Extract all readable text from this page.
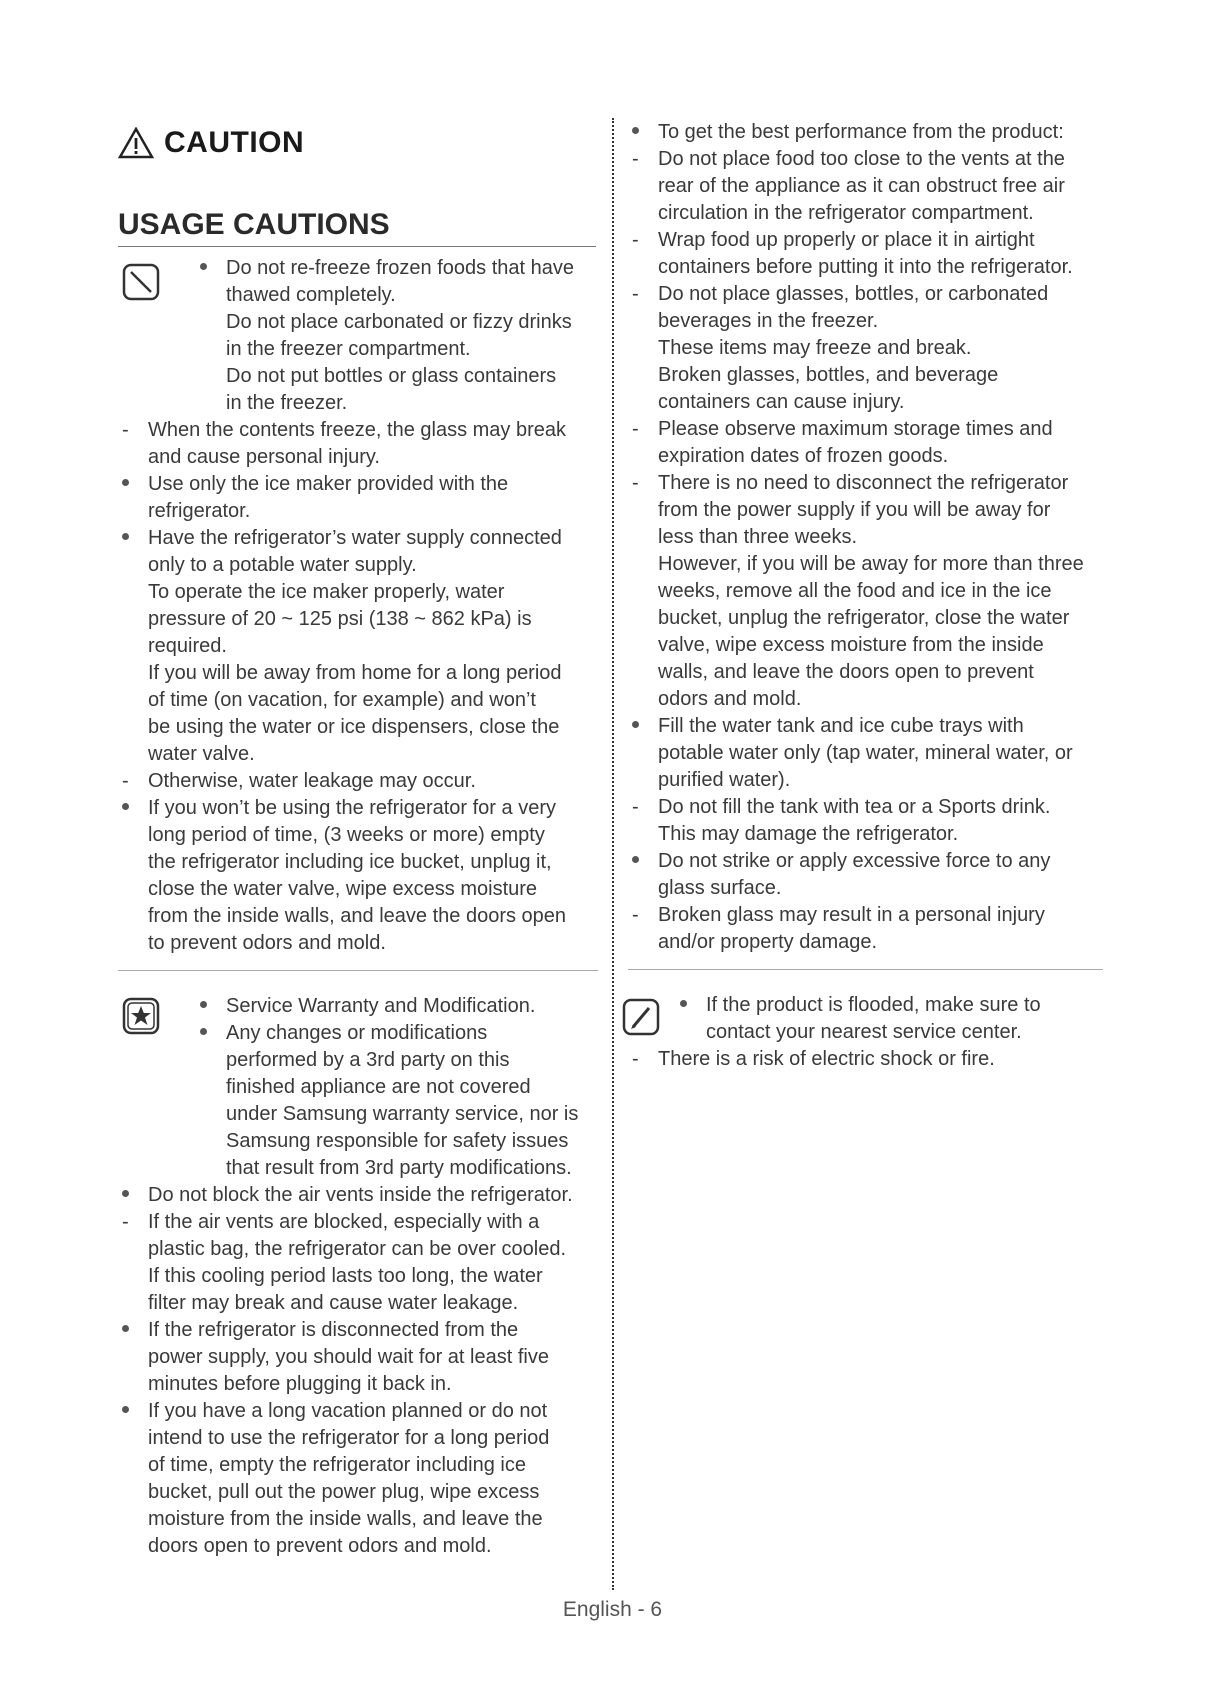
CAUTION
USAGE CAUTIONS
Do not re-freeze frozen foods that have
thawed completely.
Do not place carbonated or fizzy drinks
in the freezer compartment.
Do not put bottles or glass containers
in the freezer.
-
When the contents freeze, the glass may break
and cause personal injury.
Use only the ice maker provided with the
refrigerator.
Have the refrigerator’s water supply connected
only to a potable water supply.
To operate the ice maker properly, water
pressure of 20 ~ 125 psi (138 ~ 862 kPa) is
required.
If you will be away from home for a long period
of time (on vacation, for example) and won’t
be using the water or ice dispensers, close the
water valve.
-
Otherwise, water leakage may occur.
If you won’t be using the refrigerator for a very
long period of time, (3 weeks or more) empty
the refrigerator including ice bucket, unplug it,
close the water valve, wipe excess moisture
from the inside walls, and leave the doors open
to prevent odors and mold.
Service Warranty and Modification.
Any changes or modifications
performed by a 3rd party on this
finished appliance are not covered
under Samsung warranty service, nor is
Samsung responsible for safety issues
that result from 3rd party modifications.
Do not block the air vents inside the refrigerator.
-
If the air vents are blocked, especially with a
plastic bag, the refrigerator can be over cooled.
If this cooling period lasts too long, the water
filter may break and cause water leakage.
If the refrigerator is disconnected from the
power supply, you should wait for at least five
minutes before plugging it back in.
If you have a long vacation planned or do not
intend to use the refrigerator for a long period
of time, empty the refrigerator including ice
bucket, pull out the power plug, wipe excess
moisture from the inside walls, and leave the
doors open to prevent odors and mold.
To get the best performance from the product:
-
Do not place food too close to the vents at the
rear of the appliance as it can obstruct free air
circulation in the refrigerator compartment.
-
Wrap food up properly or place it in airtight
containers before putting it into the refrigerator.
-
Do not place glasses, bottles, or carbonated
beverages in the freezer.
These items may freeze and break.
Broken glasses, bottles, and beverage
containers can cause injury.
-
Please observe maximum storage times and
expiration dates of frozen goods.
-
There is no need to disconnect the refrigerator
from the power supply if you will be away for
less than three weeks.
However, if you will be away for more than three
weeks, remove all the food and ice in the ice
bucket, unplug the refrigerator, close the water
valve, wipe excess moisture from the inside
walls, and leave the doors open to prevent
odors and mold.
Fill the water tank and ice cube trays with
potable water only (tap water, mineral water, or
purified water).
-
Do not fill the tank with tea or a Sports drink.
This may damage the refrigerator.
Do not strike or apply excessive force to any
glass surface.
-
Broken glass may result in a personal injury
and/or property damage.
If the product is flooded, make sure to
contact your nearest service center.
-
There is a risk of electric shock or fire.
English - 6
